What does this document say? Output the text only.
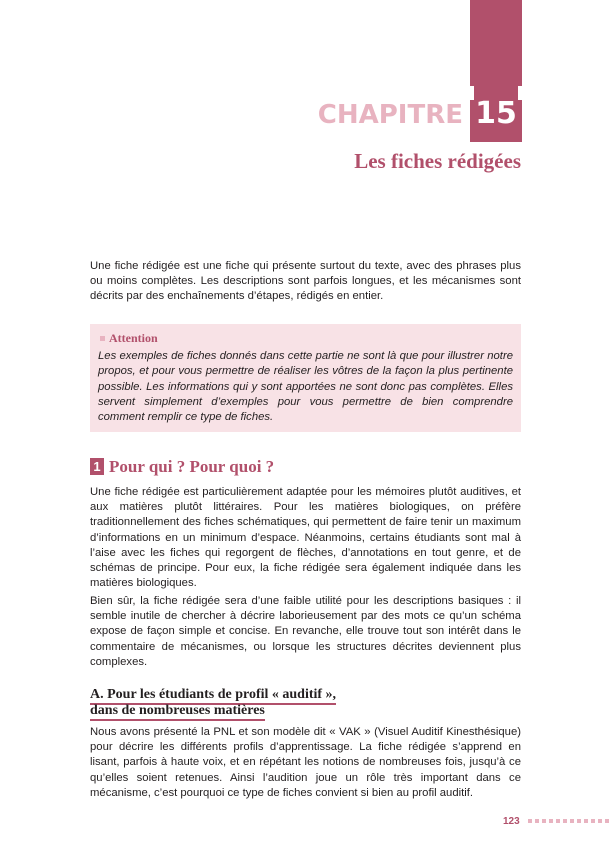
15
CHAPITRE
Les fiches rédigées

Une fiche rédigée est une fiche qui présente surtout du texte, avec des phrases plus ou moins complètes. Les descriptions sont parfois longues, et les mécanismes sont décrits par des enchaînements d’étapes, rédigés en entier.

Attention

Les exemples de fiches donnés dans cette partie ne sont là que pour illustrer notre propos, et pour vous permettre de réaliser les vôtres de la façon la plus pertinente possible. Les informations qui y sont apportées ne sont donc pas complètes. Elles servent simplement d’exemples pour vous permettre de bien comprendre comment remplir ce type de fiches.

1 Pour qui ? Pour quoi ?

Une fiche rédigée est particulièrement adaptée pour les mémoires plutôt auditives, et aux matières plutôt littéraires. Pour les matières biologiques, on préfère traditionnellement des fiches schématiques, qui permettent de faire tenir un maximum d’informations en un minimum d’espace. Néanmoins, certains étudiants sont mal à l’aise avec les fiches qui regorgent de flèches, d’annotations en tout genre, et de schémas de principe. Pour eux, la fiche rédigée sera également indiquée dans les matières biologiques.

Bien sûr, la fiche rédigée sera d’une faible utilité pour les descriptions basiques : il semble inutile de chercher à décrire laborieusement par des mots ce qu’un schéma expose de façon simple et concise. En revanche, elle trouve tout son intérêt dans le commentaire de mécanismes, ou lorsque les structures décrites deviennent plus complexes.

A. Pour les étudiants de profil « auditif »,
dans de nombreuses matières

Nous avons présenté la PNL et son modèle dit « VAK » (Visuel Auditif Kinesthésique) pour décrire les différents profils d’apprentissage. La fiche rédigée s’apprend en lisant, parfois à haute voix, et en répétant les notions de nombreuses fois, jusqu’à ce qu’elles soient retenues. Ainsi l’audition joue un rôle très important dans ce mécanisme, c’est pourquoi ce type de fiches convient si bien au profil auditif.

123
